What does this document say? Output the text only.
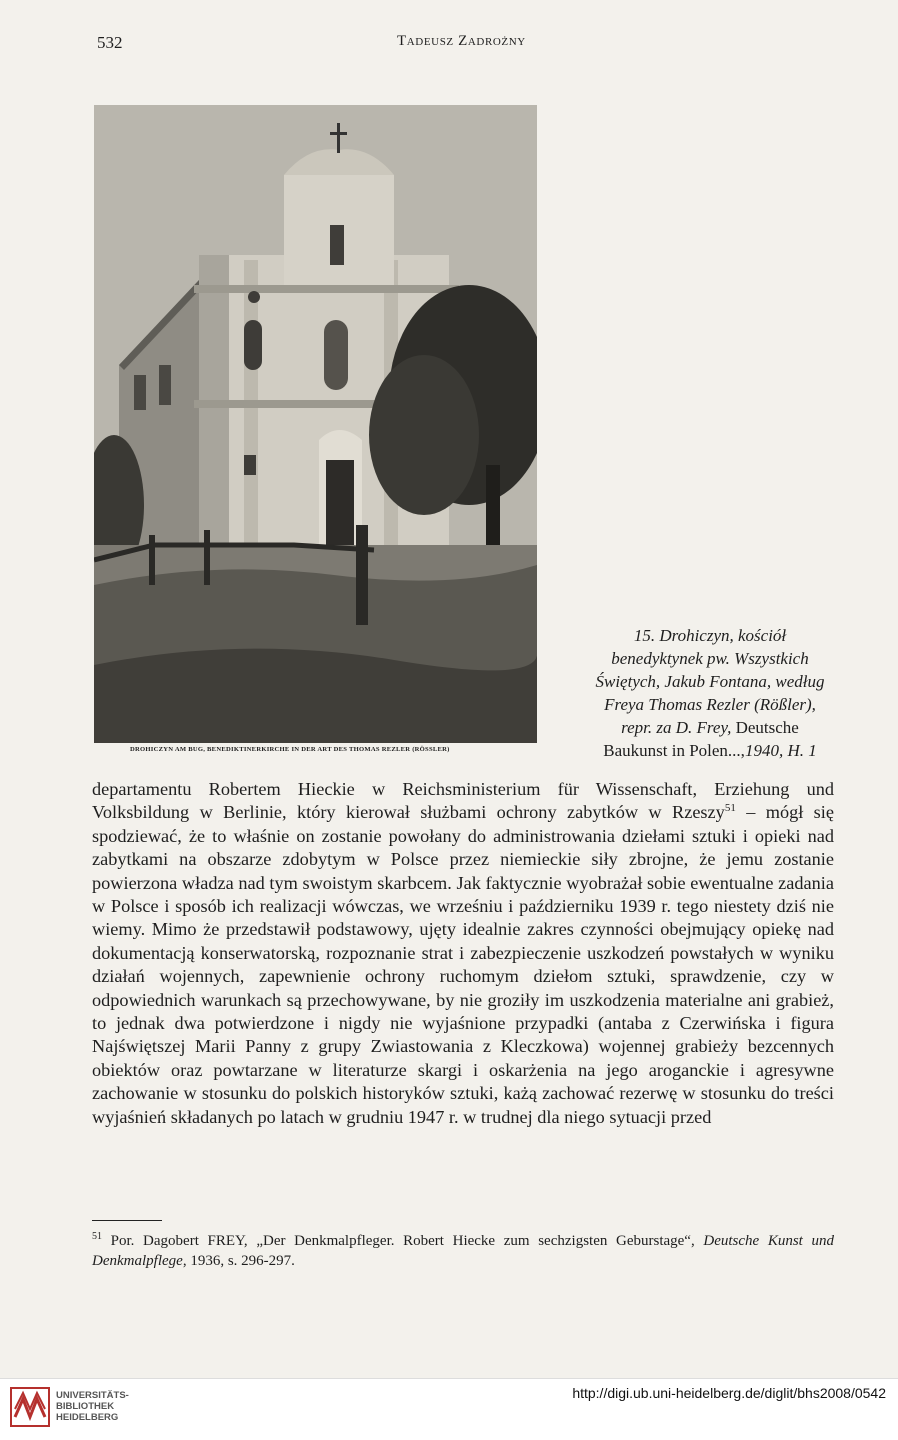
532	Tadeusz Zadrożny
DROHICZYN AM BUG, BENEDIKTINERKIRCHE IN DER ART DES THOMAS REZLER (RÖSSLER)
15. Drohiczyn, kościół
benedyktynek pw. Wszystkich
Świętych, Jakub Fontana, według
Freya Thomas Rezler (Rößler),
repr. za D. Frey, Deutsche
Baukunst in Polen...,1940, H. 1
departamentu Robertem Hieckie w Reichsministerium für Wissenschaft, Erziehung und Volksbildung w Berlinie, który kierował służbami ochrony zabytków w Rzeszy$^{51}$ – mógł się spodziewać, że to właśnie on zostanie powołany do administrowania dziełami sztuki i opieki nad zabytkami na obszarze zdobytym w Polsce przez niemieckie siły zbrojne, że jemu zostanie powierzona władza nad tym swoistym skarbcem. Jak faktycznie wyobrażał sobie ewentualne zadania w Polsce i sposób ich realizacji wówczas, we wrześniu i październiku 1939 r. tego niestety dziś nie wiemy. Mimo że przedstawił podstawowy, ujęty idealnie zakres czynności obejmujący opiekę nad dokumentacją konserwatorską, rozpoznanie strat i zabezpieczenie uszkodzeń powstałych w wyniku działań wojennych, zapewnienie ochrony ruchomym dziełom sztuki, sprawdzenie, czy w odpowiednich warunkach są przechowywane, by nie groziły im uszkodzenia materialne ani grabież, to jednak dwa potwierdzone i nigdy nie wyjaśnione przypadki (antaba z Czerwińska i figura Najświętszej Marii Panny z grupy Zwiastowania z Kleczkowa) wojennej grabieży bezcennych obiektów oraz powtarzane w literaturze skargi i oskarżenia na jego aroganckie i agresywne zachowanie w stosunku do polskich historyków sztuki, każą zachować rezerwę w stosunku do treści wyjaśnień składanych po latach w grudniu 1947 r. w trudnej dla niego sytuacji przed
$^{51}$ Por. Dagobert FREY, „Der Denkmalpfleger. Robert Hiecke zum sechzigsten Geburstage“, Deutsche Kunst und Denkmalpflege, 1936, s. 296-297.
UNIVERSITÄTS-
BIBLIOTHEK
HEIDELBERG
http://digi.ub.uni-heidelberg.de/diglit/bhs2008/0542
